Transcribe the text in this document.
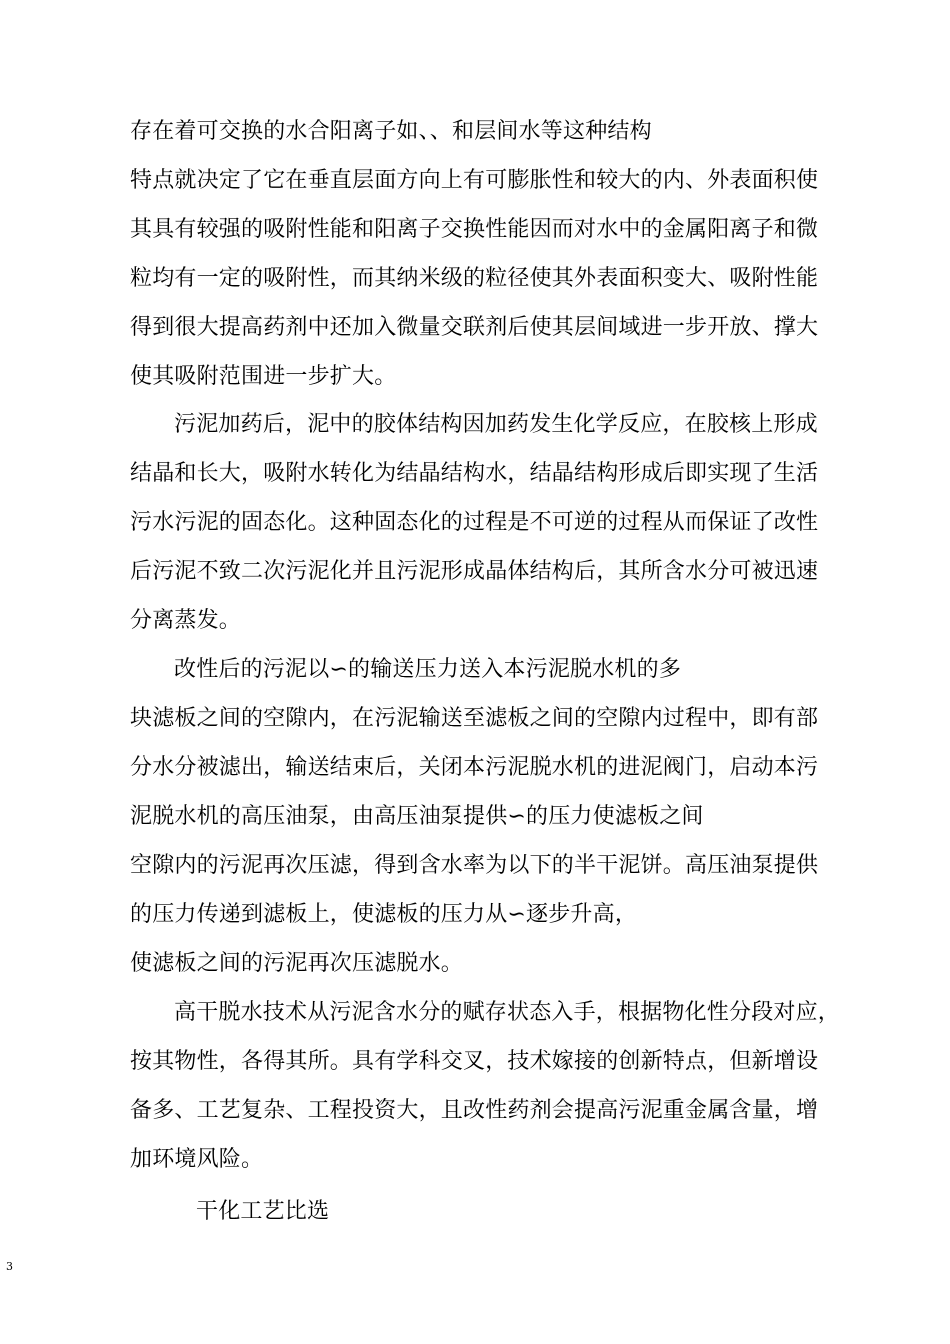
存在着可交换的水合阳离子如、、和层间水等这种结构
特点就决定了它在垂直层面方向上有可膨胀性和较大的内、外表面积使
其具有较强的吸附性能和阳离子交换性能因而对水中的金属阳离子和微
粒均有一定的吸附性，而其纳米级的粒径使其外表面积变大、吸附性能
得到很大提高药剂中还加入微量交联剂后使其层间域进一步开放、撑大
使其吸附范围进一步扩大。
污泥加药后，泥中的胶体结构因加药发生化学反应，在胶核上形成
结晶和长大，吸附水转化为结晶结构水，结晶结构形成后即实现了生活
污水污泥的固态化。这种固态化的过程是不可逆的过程从而保证了改性
后污泥不致二次污泥化并且污泥形成晶体结构后，其所含水分可被迅速
分离蒸发。
改性后的污泥以∽的输送压力送入本污泥脱水机的多
块滤板之间的空隙内，在污泥输送至滤板之间的空隙内过程中，即有部
分水分被滤出，输送结束后，关闭本污泥脱水机的进泥阀门，启动本污
泥脱水机的高压油泵，由高压油泵提供∽的压力使滤板之间
空隙内的污泥再次压滤，得到含水率为以下的半干泥饼。高压油泵提供
的压力传递到滤板上，使滤板的压力从∽逐步升高，
使滤板之间的污泥再次压滤脱水。
高干脱水技术从污泥含水分的赋存状态入手，根据物化性分段对应，
按其物性，各得其所。具有学科交叉，技术嫁接的创新特点，但新增设
备多、工艺复杂、工程投资大，且改性药剂会提高污泥重金属含量，增
加环境风险。
干化工艺比选
3
